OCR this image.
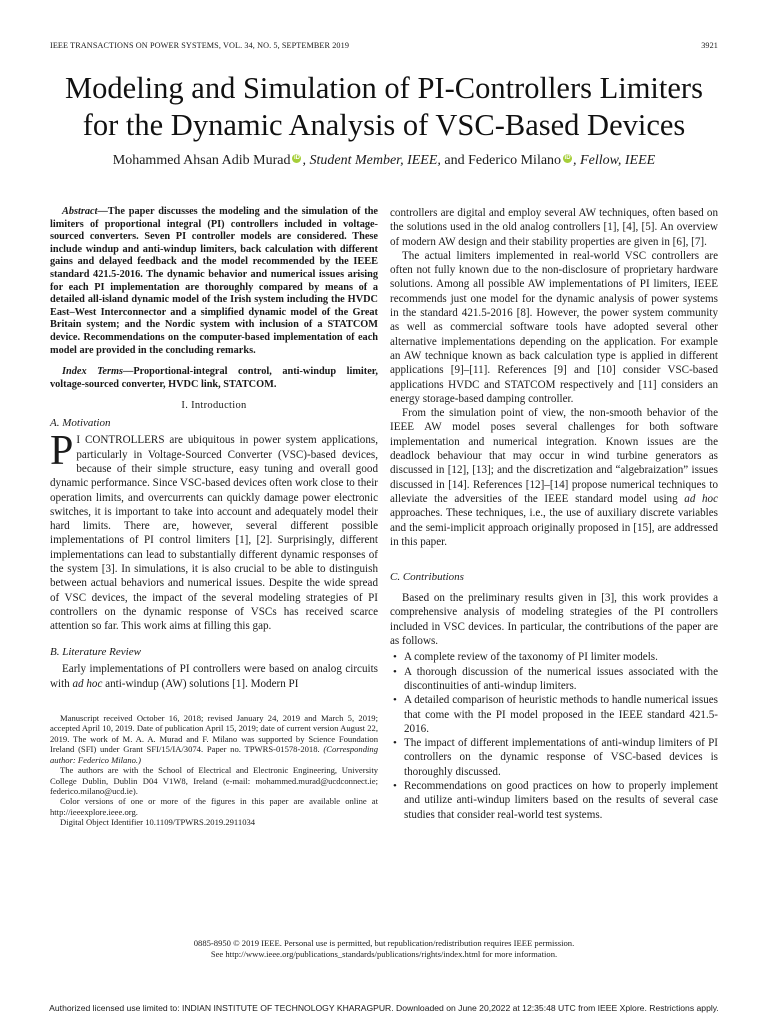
IEEE TRANSACTIONS ON POWER SYSTEMS, VOL. 34, NO. 5, SEPTEMBER 2019	3921
Modeling and Simulation of PI-Controllers Limiters
for the Dynamic Analysis of VSC-Based Devices
Mohammed Ahsan Adib Murad iD , Student Member, IEEE, and Federico Milano iD , Fellow, IEEE

Abstract—The paper discusses the modeling and the simulation of the limiters of proportional integral (PI) controllers included in voltage-sourced converters. Seven PI controller models are considered. These include windup and anti-windup limiters, back calculation with different gains and delayed feedback and the model recommended by the IEEE standard 421.5-2016. The dynamic behavior and numerical issues arising for each PI implementation are thoroughly compared by means of a detailed all-island dynamic model of the Irish system including the HVDC East–West Interconnector and a simplified dynamic model of the Great Britain system; and the Nordic system with inclusion of a STATCOM device. Recommendations on the computer-based implementation of each model are provided in the concluding remarks.

Index Terms—Proportional-integral control, anti-windup limiter, voltage-sourced converter, HVDC link, STATCOM.

I. Introduction
A. Motivation

P I CONTROLLERS are ubiquitous in power system applications, particularly in Voltage-Sourced Converter (VSC)-based devices, because of their simple structure, easy tuning and overall good dynamic performance. Since VSC-based devices often work close to their operation limits, and overcurrents can quickly damage power electronic switches, it is important to take into account and adequately model their hard limits. There are, however, several different possible implementations of PI control limiters [1], [2]. Surprisingly, different implementations can lead to substantially different dynamic responses of the system [3]. In simulations, it is also crucial to be able to distinguish between actual behaviors and numerical issues. Despite the wide spread of VSC devices, the impact of the several modeling strategies of PI controllers on the dynamic response of VSCs has received scarce attention so far. This work aims at filling this gap.

B. Literature Review

Early implementations of PI controllers were based on analog circuits with ad hoc anti-windup (AW) solutions [1]. Modern PI

Manuscript received October 16, 2018; revised January 24, 2019 and March 5, 2019; accepted April 10, 2019. Date of publication April 15, 2019; date of current version August 22, 2019. The work of M. A. A. Murad and F. Milano was supported by Science Foundation Ireland (SFI) under Grant SFI/15/IA/3074. Paper no. TPWRS-01578-2018. (Corresponding author: Federico Milano.)

The authors are with the School of Electrical and Electronic Engineering, University College Dublin, Dublin D04 V1W8, Ireland (e-mail: mohammed.murad@ucdconnect.ie; federico.milano@ucd.ie).

Color versions of one or more of the figures in this paper are available online at http://ieeexplore.ieee.org.

Digital Object Identifier 10.1109/TPWRS.2019.2911034

controllers are digital and employ several AW techniques, often based on the solutions used in the old analog controllers [1], [4], [5]. An overview of modern AW design and their stability properties are given in [6], [7].

The actual limiters implemented in real-world VSC controllers are often not fully known due to the non-disclosure of proprietary hardware solutions. Among all possible AW implementations of PI limiters, IEEE recommends just one model for the dynamic analysis of power systems in the standard 421.5-2016 [8]. However, the power system community as well as commercial software tools have adopted several other alternative implementations depending on the application. For example an AW technique known as back calculation type is applied in different applications [9]–[11]. References [9] and [10] consider VSC-based applications HVDC and STATCOM respectively and [11] considers an energy storage-based damping controller.

From the simulation point of view, the non-smooth behavior of the IEEE AW model poses several challenges for both software implementation and numerical integration. Known issues are the deadlock behaviour that may occur in wind turbine generators as discussed in [12], [13]; and the discretization and “algebraization” issues discussed in [14]. References [12]–[14] propose numerical techniques to alleviate the adversities of the IEEE standard model using ad hoc approaches. These techniques, i.e., the use of auxiliary discrete variables and the semi-implicit approach originally proposed in [15], are addressed in this paper.

C. Contributions

Based on the preliminary results given in [3], this work provides a comprehensive analysis of modeling strategies of the PI controllers included in VSC devices. In particular, the contributions of the paper are as follows.

• A complete review of the taxonomy of PI limiter models.
• A thorough discussion of the numerical issues associated with the discontinuities of anti-windup limiters.
• A detailed comparison of heuristic methods to handle numerical issues that come with the PI model proposed in the IEEE standard 421.5-2016.
• The impact of different implementations of anti-windup limiters of PI controllers on the dynamic response of VSC-based devices is thoroughly discussed.
• Recommendations on good practices on how to properly implement and utilize anti-windup limiters based on the results of several case studies that consider real-world test systems.
0885-8950 © 2019 IEEE. Personal use is permitted, but republication/redistribution requires IEEE permission.
See http://www.ieee.org/publications_standards/publications/rights/index.html for more information.
Authorized licensed use limited to: INDIAN INSTITUTE OF TECHNOLOGY KHARAGPUR. Downloaded on June 20,2022 at 12:35:48 UTC from IEEE Xplore. Restrictions apply.
